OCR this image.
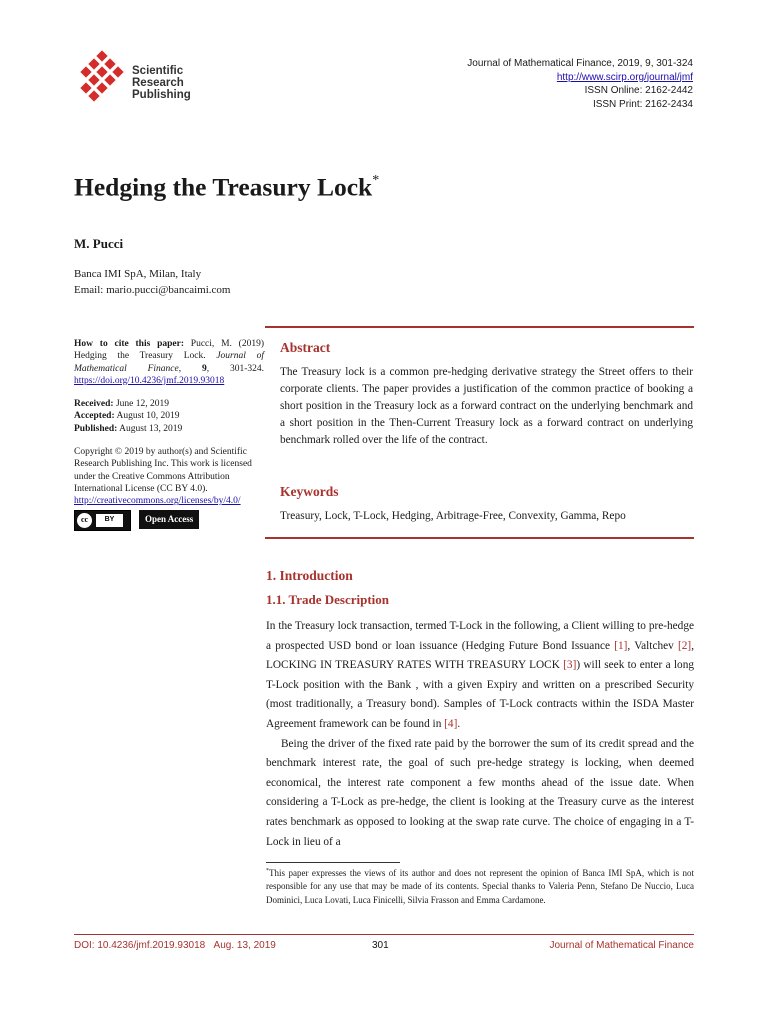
Scientific
Research
Publishing
Journal of Mathematical Finance, 2019, 9, 301-324
http://www.scirp.org/journal/jmf
ISSN Online: 2162-2442
ISSN Print: 2162-2434
Hedging the Treasury Lock*
M. Pucci
Banca IMI SpA, Milan, Italy
Email: mario.pucci@bancaimi.com
How to cite this paper: Pucci, M. (2019) Hedging the Treasury Lock. Journal of Mathematical Finance, 9, 301-324. https://doi.org/10.4236/jmf.2019.93018
Received: June 12, 2019
Accepted: August 10, 2019
Published: August 13, 2019
Copyright © 2019 by author(s) and Scientific Research Publishing Inc. This work is licensed under the Creative Commons Attribution International License (CC BY 4.0).
http://creativecommons.org/licenses/by/4.0/
cc	BY	Open Access
Abstract
The Treasury lock is a common pre-hedging derivative strategy the Street offers to their corporate clients. The paper provides a justification of the common practice of booking a short position in the Treasury lock as a forward contract on the underlying benchmark and a short position in the Then-Current Treasury lock as a forward contract on underlying benchmark rolled over the life of the contract.
Keywords
Treasury, Lock, T-Lock, Hedging, Arbitrage-Free, Convexity, Gamma, Repo
1. Introduction
1.1. Trade Description

In the Treasury lock transaction, termed T-Lock in the following, a Client willing to pre-hedge a prospected USD bond or loan issuance (Hedging Future Bond Issuance [1], Valtchev [2], LOCKING IN TREASURY RATES WITH TREASURY LOCK [3]) will seek to enter a long T-Lock position with the Bank , with a given Expiry and written on a prescribed Security (most traditionally, a Treasury bond). Samples of T-Lock contracts within the ISDA Master Agreement framework can be found in [4].

Being the driver of the fixed rate paid by the borrower the sum of its credit spread and the benchmark interest rate, the goal of such pre-hedge strategy is locking, when deemed economical, the interest rate component a few months ahead of the issue date. When considering a T-Lock as pre-hedge, the client is looking at the Treasury curve as the interest rates benchmark as opposed to looking at the swap rate curve. The choice of engaging in a T-Lock in lieu of a

*This paper expresses the views of its author and does not represent the opinion of Banca IMI SpA, which is not responsible for any use that may be made of its contents. Special thanks to Valeria Penn, Stefano De Nuccio, Luca Dominici, Luca Lovati, Luca Finicelli, Silvia Frasson and Emma Cardamone.
DOI: 10.4236/jmf.2019.93018 Aug. 13, 2019	301	Journal of Mathematical Finance
